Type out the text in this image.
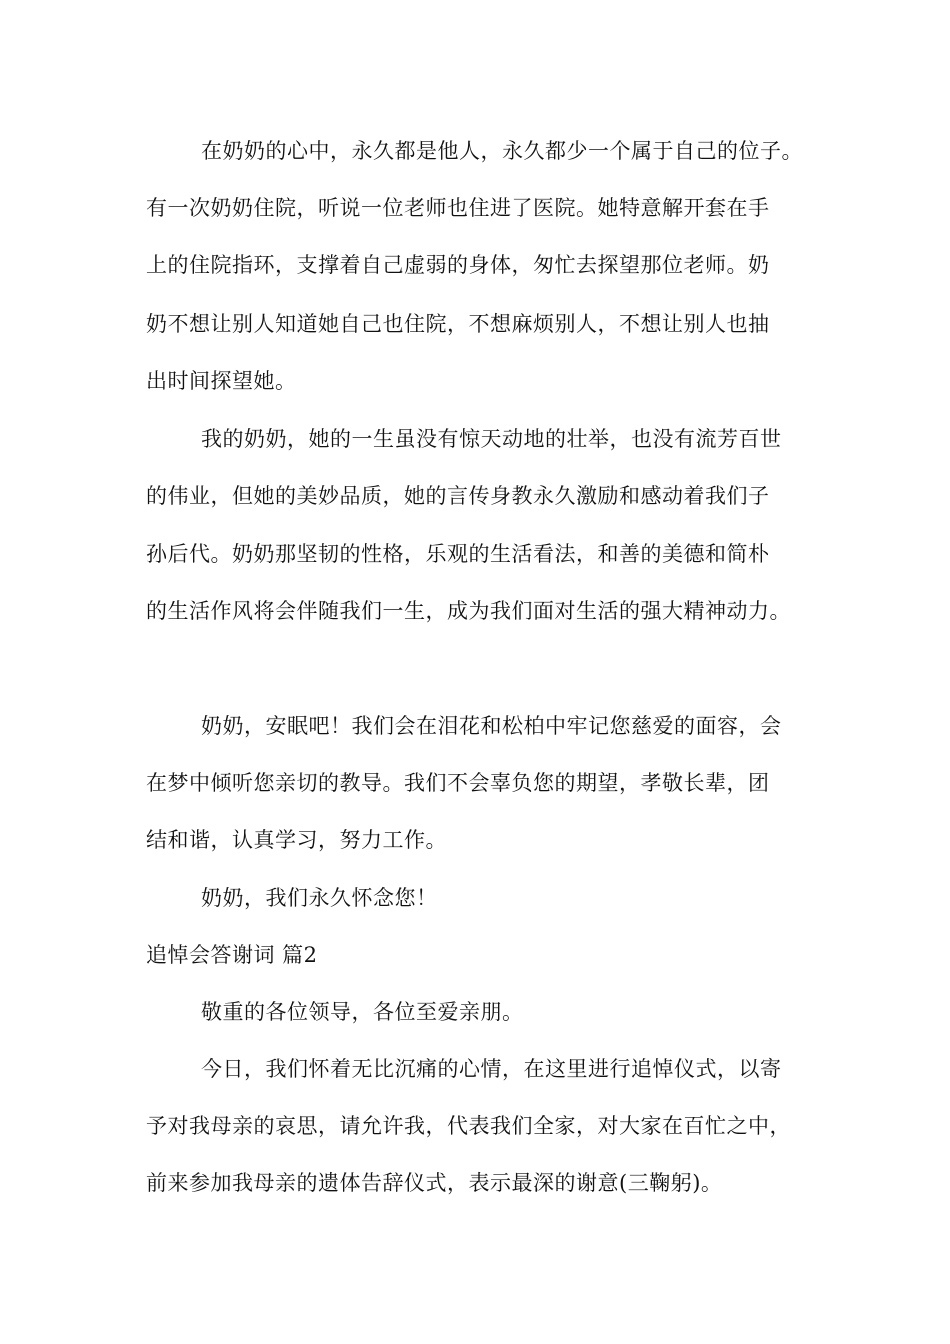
在奶奶的心中，永久都是他人，永久都少一个属于自己的位子。
有一次奶奶住院，听说一位老师也住进了医院。她特意解开套在手
上的住院指环，支撑着自己虚弱的身体，匆忙去探望那位老师。奶
奶不想让别人知道她自己也住院，不想麻烦别人，不想让别人也抽
出时间探望她。
我的奶奶，她的一生虽没有惊天动地的壮举，也没有流芳百世
的伟业，但她的美妙品质，她的言传身教永久激励和感动着我们子
孙后代。奶奶那坚韧的性格，乐观的生活看法，和善的美德和简朴
的生活作风将会伴随我们一生，成为我们面对生活的强大精神动力。
奶奶，安眠吧！我们会在泪花和松柏中牢记您慈爱的面容，会
在梦中倾听您亲切的教导。我们不会辜负您的期望，孝敬长辈，团
结和谐，认真学习，努力工作。
奶奶，我们永久怀念您！
追悼会答谢词 篇2
敬重的各位领导，各位至爱亲朋。
今日，我们怀着无比沉痛的心情，在这里进行追悼仪式，以寄
予对我母亲的哀思，请允许我，代表我们全家，对大家在百忙之中，
前来参加我母亲的遗体告辞仪式，表示最深的谢意(三鞠躬)。
